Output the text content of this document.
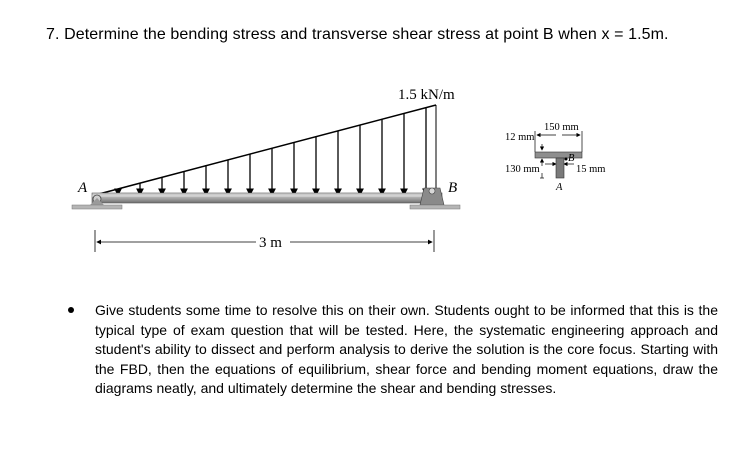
7. Determine the bending stress and transverse shear stress at point B when x = 1.5m.
1.5 kN/m
A	B
3 m
150 mm
12 mm
130 mm	15 mm
B
A
Give students some time to resolve this on their own. Students ought to be informed that this is the typical type of exam question that will be tested. Here, the systematic engineering approach and student's ability to dissect and perform analysis to derive the solution is the core focus. Starting with the FBD, then the equations of equilibrium, shear force and bending moment equations, draw the diagrams neatly, and ultimately determine the shear and bending stresses.
